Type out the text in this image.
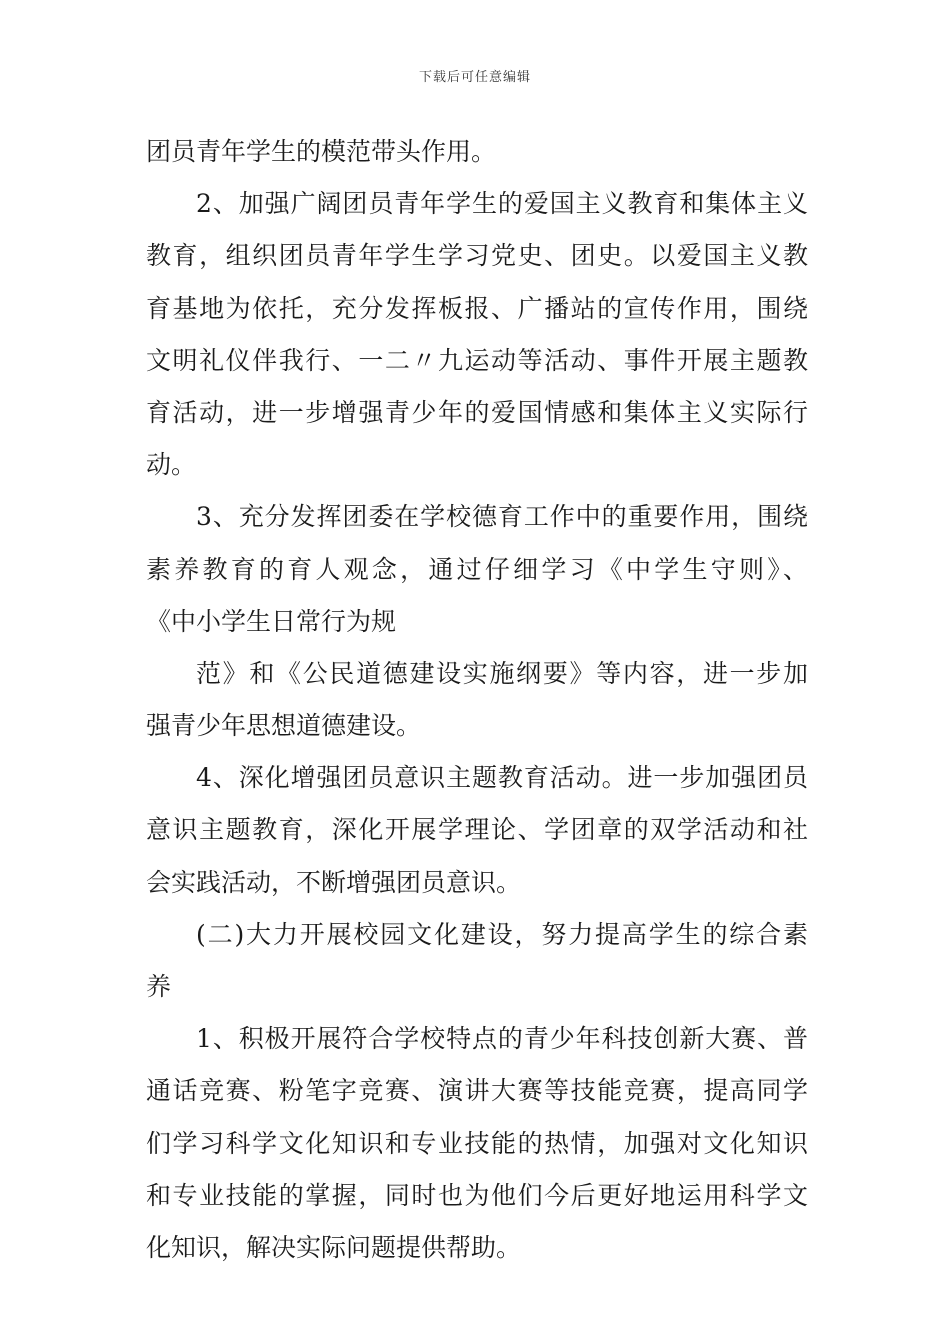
下载后可任意编辑
团员青年学生的模范带头作用。
2、加强广阔团员青年学生的爱国主义教育和集体主义
教育，组织团员青年学生学习党史、团史。以爱国主义教
育基地为依托，充分发挥板报、广播站的宣传作用，围绕
文明礼仪伴我行、一二〃九运动等活动、事件开展主题教
育活动，进一步增强青少年的爱国情感和集体主义实际行
动。
3、充分发挥团委在学校德育工作中的重要作用，围绕
素养教育的育人观念，通过仔细学习《中学生守则》、
《中小学生日常行为规
范》和《公民道德建设实施纲要》等内容，进一步加
强青少年思想道德建设。
4、深化增强团员意识主题教育活动。进一步加强团员
意识主题教育，深化开展学理论、学团章的双学活动和社
会实践活动，不断增强团员意识。
(二)大力开展校园文化建设，努力提高学生的综合素
养
1、积极开展符合学校特点的青少年科技创新大赛、普
通话竞赛、粉笔字竞赛、演讲大赛等技能竞赛，提高同学
们学习科学文化知识和专业技能的热情，加强对文化知识
和专业技能的掌握，同时也为他们今后更好地运用科学文
化知识，解决实际问题提供帮助。
